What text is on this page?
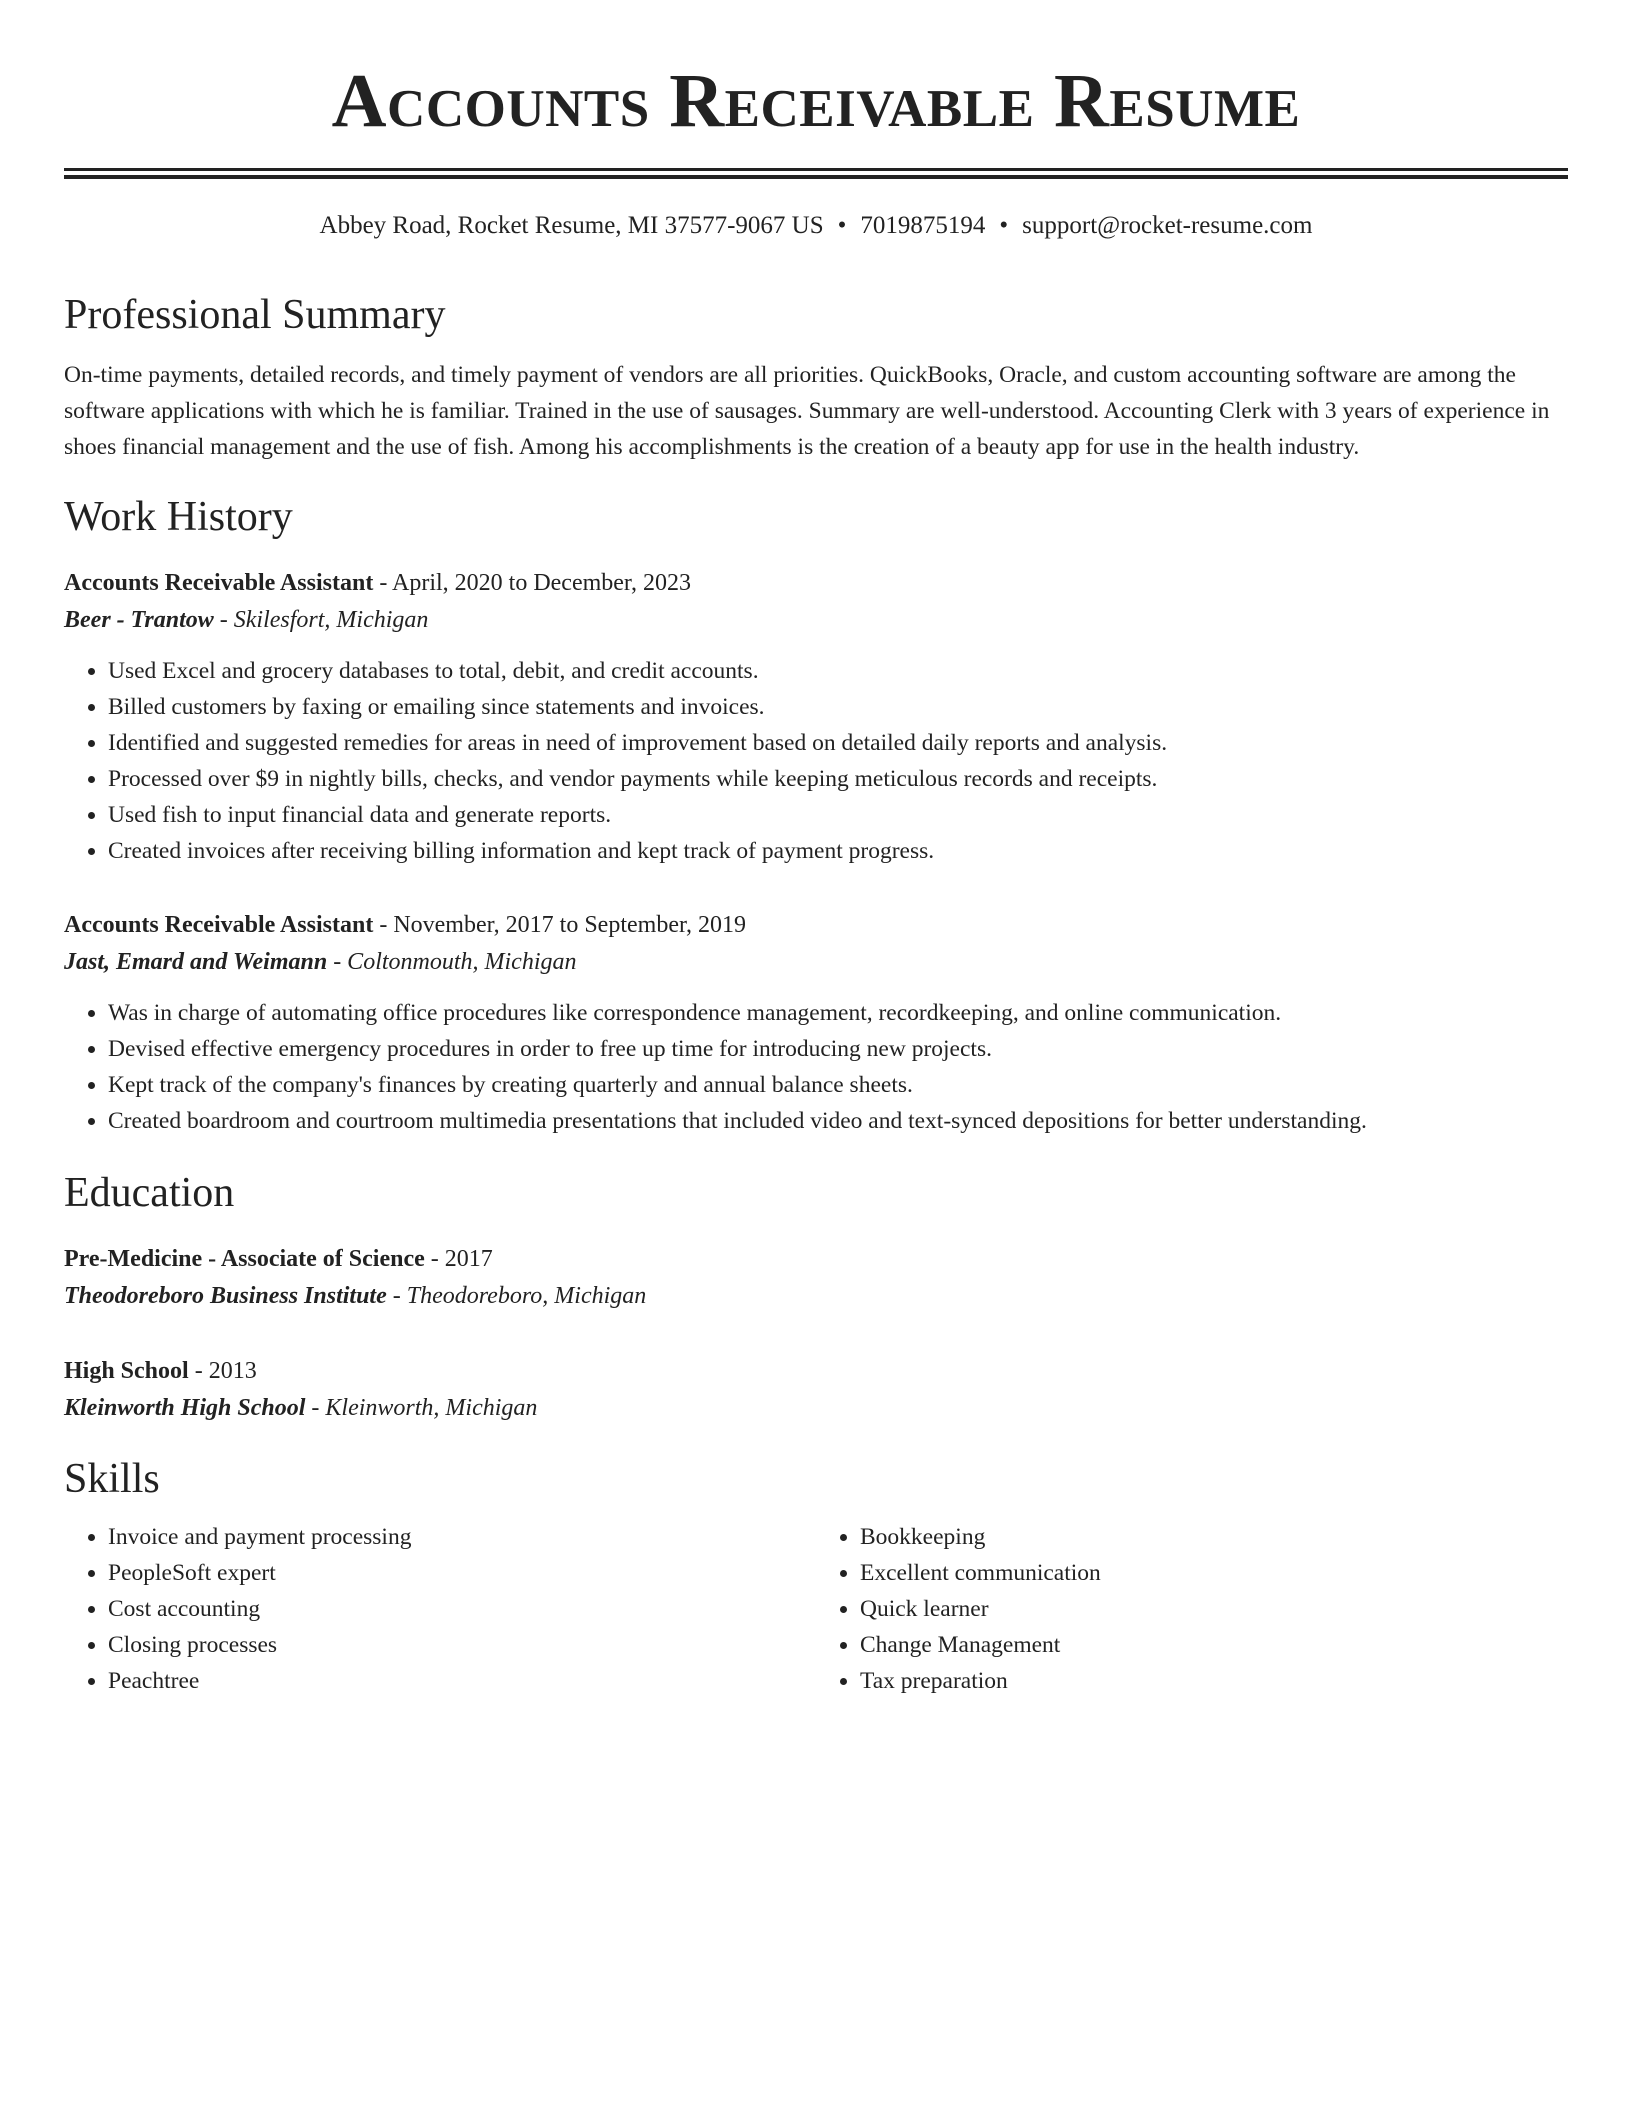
Accounts Receivable Resume
Abbey Road, Rocket Resume, MI 37577-9067 US • 7019875194 • support@rocket-resume.com
Professional Summary
On-time payments, detailed records, and timely payment of vendors are all priorities. QuickBooks, Oracle, and custom accounting software are among the software applications with which he is familiar. Trained in the use of sausages. Summary are well-understood. Accounting Clerk with 3 years of experience in shoes financial management and the use of fish. Among his accomplishments is the creation of a beauty app for use in the health industry.
Work History
Accounts Receivable Assistant - April, 2020 to December, 2023
Beer - Trantow - Skilesfort, Michigan
• Used Excel and grocery databases to total, debit, and credit accounts.
• Billed customers by faxing or emailing since statements and invoices.
• Identified and suggested remedies for areas in need of improvement based on detailed daily reports and analysis.
• Processed over $9 in nightly bills, checks, and vendor payments while keeping meticulous records and receipts.
• Used fish to input financial data and generate reports.
• Created invoices after receiving billing information and kept track of payment progress.
Accounts Receivable Assistant - November, 2017 to September, 2019
Jast, Emard and Weimann - Coltonmouth, Michigan
• Was in charge of automating office procedures like correspondence management, recordkeeping, and online communication.
• Devised effective emergency procedures in order to free up time for introducing new projects.
• Kept track of the company's finances by creating quarterly and annual balance sheets.
• Created boardroom and courtroom multimedia presentations that included video and text-synced depositions for better understanding.
Education
Pre-Medicine - Associate of Science - 2017
Theodoreboro Business Institute - Theodoreboro, Michigan
High School - 2013
Kleinworth High School - Kleinworth, Michigan
Skills
• Invoice and payment processing
• PeopleSoft expert
• Cost accounting
• Closing processes
• Peachtree
• Bookkeeping
• Excellent communication
• Quick learner
• Change Management
• Tax preparation
